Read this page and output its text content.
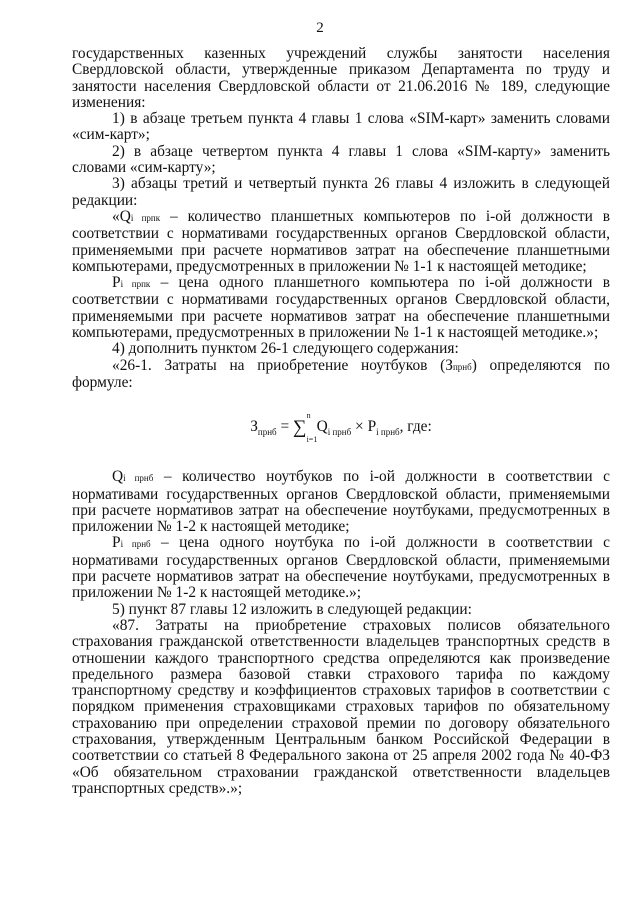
2

государственных казенных учреждений службы занятости населения Свердловской области, утвержденные приказом Департамента по труду и занятости населения Свердловской области от 21.06.2016 № 189, следующие изменения:

1) в абзаце третьем пункта 4 главы 1 слова «SIM-карт» заменить словами «сим-карт»;

2) в абзаце четвертом пункта 4 главы 1 слова «SIM-карту» заменить словами «сим-карту»;

3) абзацы третий и четвертый пункта 26 главы 4 изложить в следующей редакции:

«Qi прпк – количество планшетных компьютеров по i-ой должности в соответствии с нормативами государственных органов Свердловской области, применяемыми при расчете нормативов затрат на обеспечение планшетными компьютерами, предусмотренных в приложении № 1-1 к настоящей методике;

Pi прпк – цена одного планшетного компьютера по i-ой должности в соответствии с нормативами государственных органов Свердловской области, применяемыми при расчете нормативов затрат на обеспечение планшетными компьютерами, предусмотренных в приложении № 1-1 к настоящей методике.»;

4) дополнить пунктом 26-1 следующего содержания:

«26-1. Затраты на приобретение ноутбуков (Зпрнб) определяются по формуле:

$З_{прнб}$ = ∑
n
i=1
$Q_{i прнб} \times P_{i прнб}$, где:

Qi прнб – количество ноутбуков по i-ой должности в соответствии с нормативами государственных органов Свердловской области, применяемыми при расчете нормативов затрат на обеспечение ноутбуками, предусмотренных в приложении № 1-2 к настоящей методике;

Pi прнб – цена одного ноутбука по i-ой должности в соответствии с нормативами государственных органов Свердловской области, применяемыми при расчете нормативов затрат на обеспечение ноутбуками, предусмотренных в приложении № 1-2 к настоящей методике.»;

5) пункт 87 главы 12 изложить в следующей редакции:

«87. Затраты на приобретение страховых полисов обязательного страхования гражданской ответственности владельцев транспортных средств в отношении каждого транспортного средства определяются как произведение предельного размера базовой ставки страхового тарифа по каждому транспортному средству и коэффициентов страховых тарифов в соответствии с порядком применения страховщиками страховых тарифов по обязательному страхованию при определении страховой премии по договору обязательного страхования, утвержденным Центральным банком Российской Федерации в соответствии со статьей 8 Федерального закона от 25 апреля 2002 года № 40-ФЗ «Об обязательном страховании гражданской ответственности владельцев транспортных средств».»;
